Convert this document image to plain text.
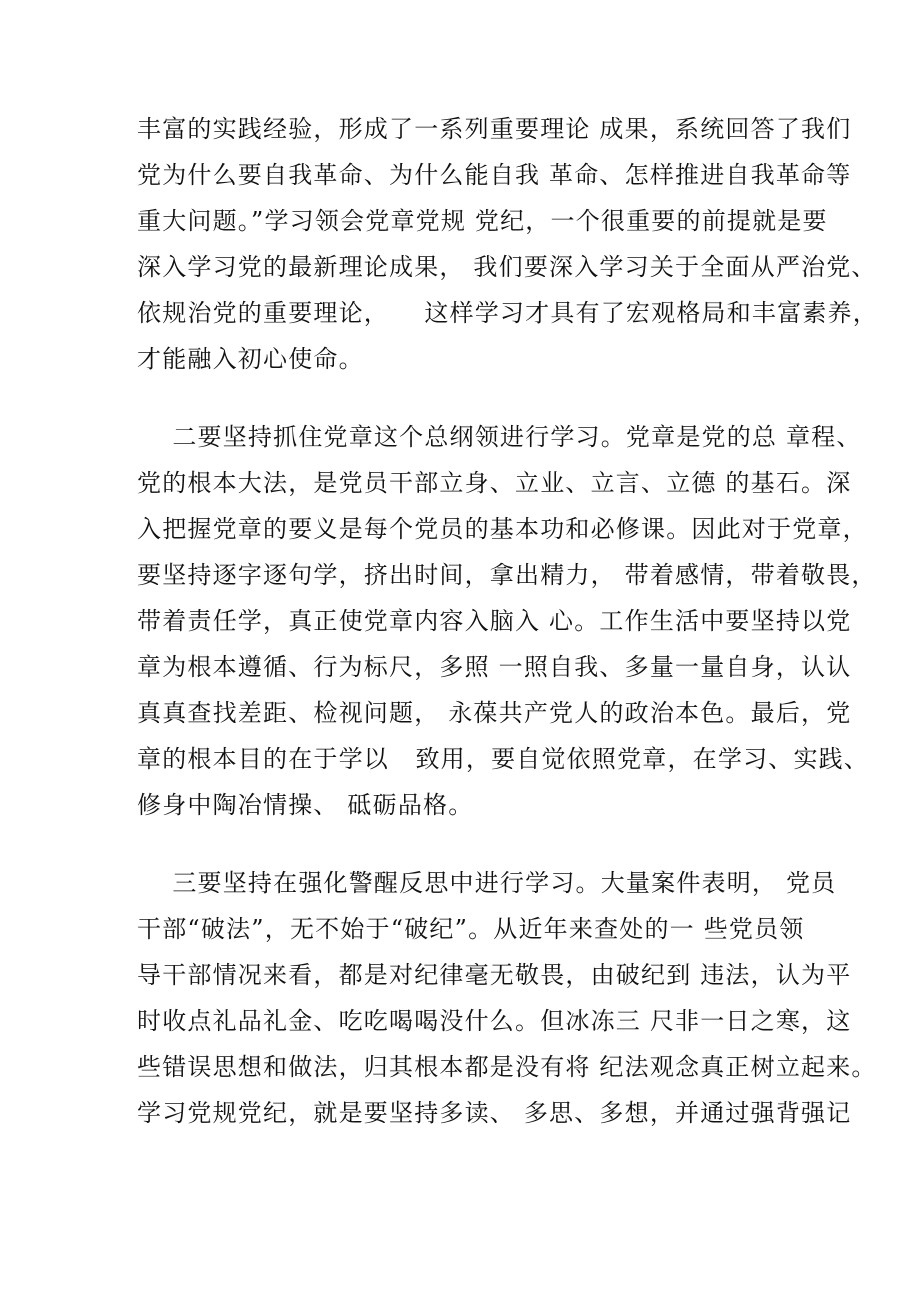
丰富的实践经验，形成了一系列重要理论 成果，系统回答了我们
党为什么要自我革命、为什么能自我 革命、怎样推进自我革命等
重大问题。”学习领会党章党规 党纪，一个很重要的前提就是要
深入学习党的最新理论成果， 我们要深入学习关于全面从严治党、
依规治党的重要理论，    这样学习才具有了宏观格局和丰富素养，
才能融入初心使命。
二要坚持抓住党章这个总纲领进行学习。党章是党的总 章程、
党的根本大法，是党员干部立身、立业、立言、立德 的基石。深
入把握党章的要义是每个党员的基本功和必修课。因此对于党章，
要坚持逐字逐句学，挤出时间，拿出精力， 带着感情，带着敬畏，
带着责任学，真正使党章内容入脑入 心。工作生活中要坚持以党
章为根本遵循、行为标尺，多照 一照自我、多量一量自身，认认
真真查找差距、检视问题， 永葆共产党人的政治本色。最后，党
章的根本目的在于学以   致用，要自觉依照党章，在学习、实践、
修身中陶冶情操、 砥砺品格。
三要坚持在强化警醒反思中进行学习。大量案件表明， 党员
干部“破法”，无不始于“破纪”。从近年来查处的一 些党员领
导干部情况来看，都是对纪律毫无敬畏，由破纪到 违法，认为平
时收点礼品礼金、吃吃喝喝没什么。但冰冻三 尺非一日之寒，这
些错误思想和做法，归其根本都是没有将 纪法观念真正树立起来。
学习党规党纪，就是要坚持多读、 多思、多想，并通过强背强记
